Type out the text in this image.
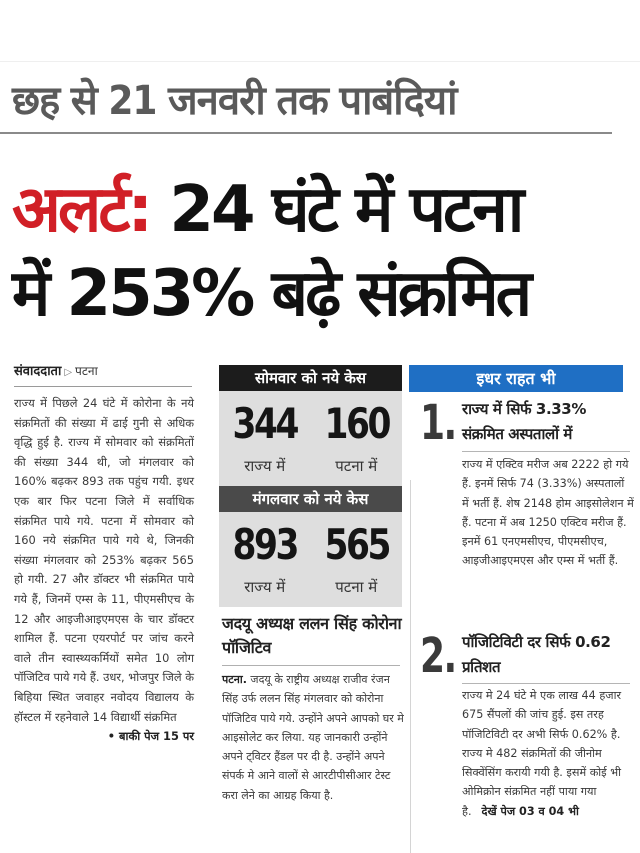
छह से 21 जनवरी तक पाबंदियां
अलर्ट: 24 घंटे में पटना
में 253% बढ़े संक्रमित
संवाददाता ▷ पटना
राज्य में पिछले 24 घंटे में कोरोना के नये संक्रमितों की संख्या में ढाई गुनी से अधिक वृद्धि हुई है. राज्य में सोमवार को संक्रमितों की संख्या 344 थी, जो मंगलवार को 160% बढ़कर 893 तक पहुंच गयी. इधर एक बार फिर पटना जिले में सर्वाधिक संक्रमित पाये गये. पटना में सोमवार को 160 नये संक्रमित पाये गये थे, जिनकी संख्या मंगलवार को 253% बढ़कर 565 हो गयी. 27 और डॉक्टर भी संक्रमित पाये गये हैं, जिनमें एम्स के 11, पीएमसीएच के 12 और आइजीआइएमएस के चार डॉक्टर शामिल हैं. पटना एयरपोर्ट पर जांच करने वाले तीन स्वास्थ्यकर्मियों समेत 10 लोग पॉजिटिव पाये गये हैं. उधर, भोजपुर जिले के बिहिया स्थित जवाहर नवोदय विद्यालय के हॉस्टल में रहनेवाले 14 विद्यार्थी संक्रमित
• बाकी पेज 15 पर
सोमवार को नये केस
344
राज्य में
160
पटना में
मंगलवार को नये केस
893
राज्य में
565
पटना में
जदयू अध्यक्ष ललन सिंह कोरोना पॉजिटिव
पटना. जदयू के राष्ट्रीय अध्यक्ष राजीव रंजन सिंह उर्फ ललन सिंह मंगलवार को कोरोना पॉजिटिव पाये गये. उन्होंने अपने आपको घर मे आइसोलेट कर लिया. यह जानकारी उन्होंने अपने ट्विटर हैंडल पर दी है. उन्होंने अपने संपर्क मे आने वालों से आरटीपीसीआर टेस्ट करा लेने का आग्रह किया है.
इधर राहत भी
1. राज्य में सिर्फ 3.33% संक्रमित अस्पतालों में
राज्य में एक्टिव मरीज अब 2222 हो गये हैं. इनमें सिर्फ 74 (3.33%) अस्पतालों में भर्ती हैं. शेष 2148 होम आइसोलेशन में हैं. पटना में अब 1250 एक्टिव मरीज हैं. इनमें 61 एनएमसीएच, पीएमसीएच, आइजीआइएमएस और एम्स में भर्ती हैं.
2. पॉजिटिविटी दर सिर्फ 0.62 प्रतिशत
राज्य मे 24 घंटे मे एक लाख 44 हजार 675 सैंपलों की जांच हुई. इस तरह पॉजिटिविटी दर अभी सिर्फ 0.62% है. राज्य मे 482 संक्रमितों की जीनोम सिक्वेंसिंग करायी गयी है. इसमें कोई भी ओमिक्रोन संक्रमित नहीं पाया गया है. देखें पेज 03 व 04 भी
